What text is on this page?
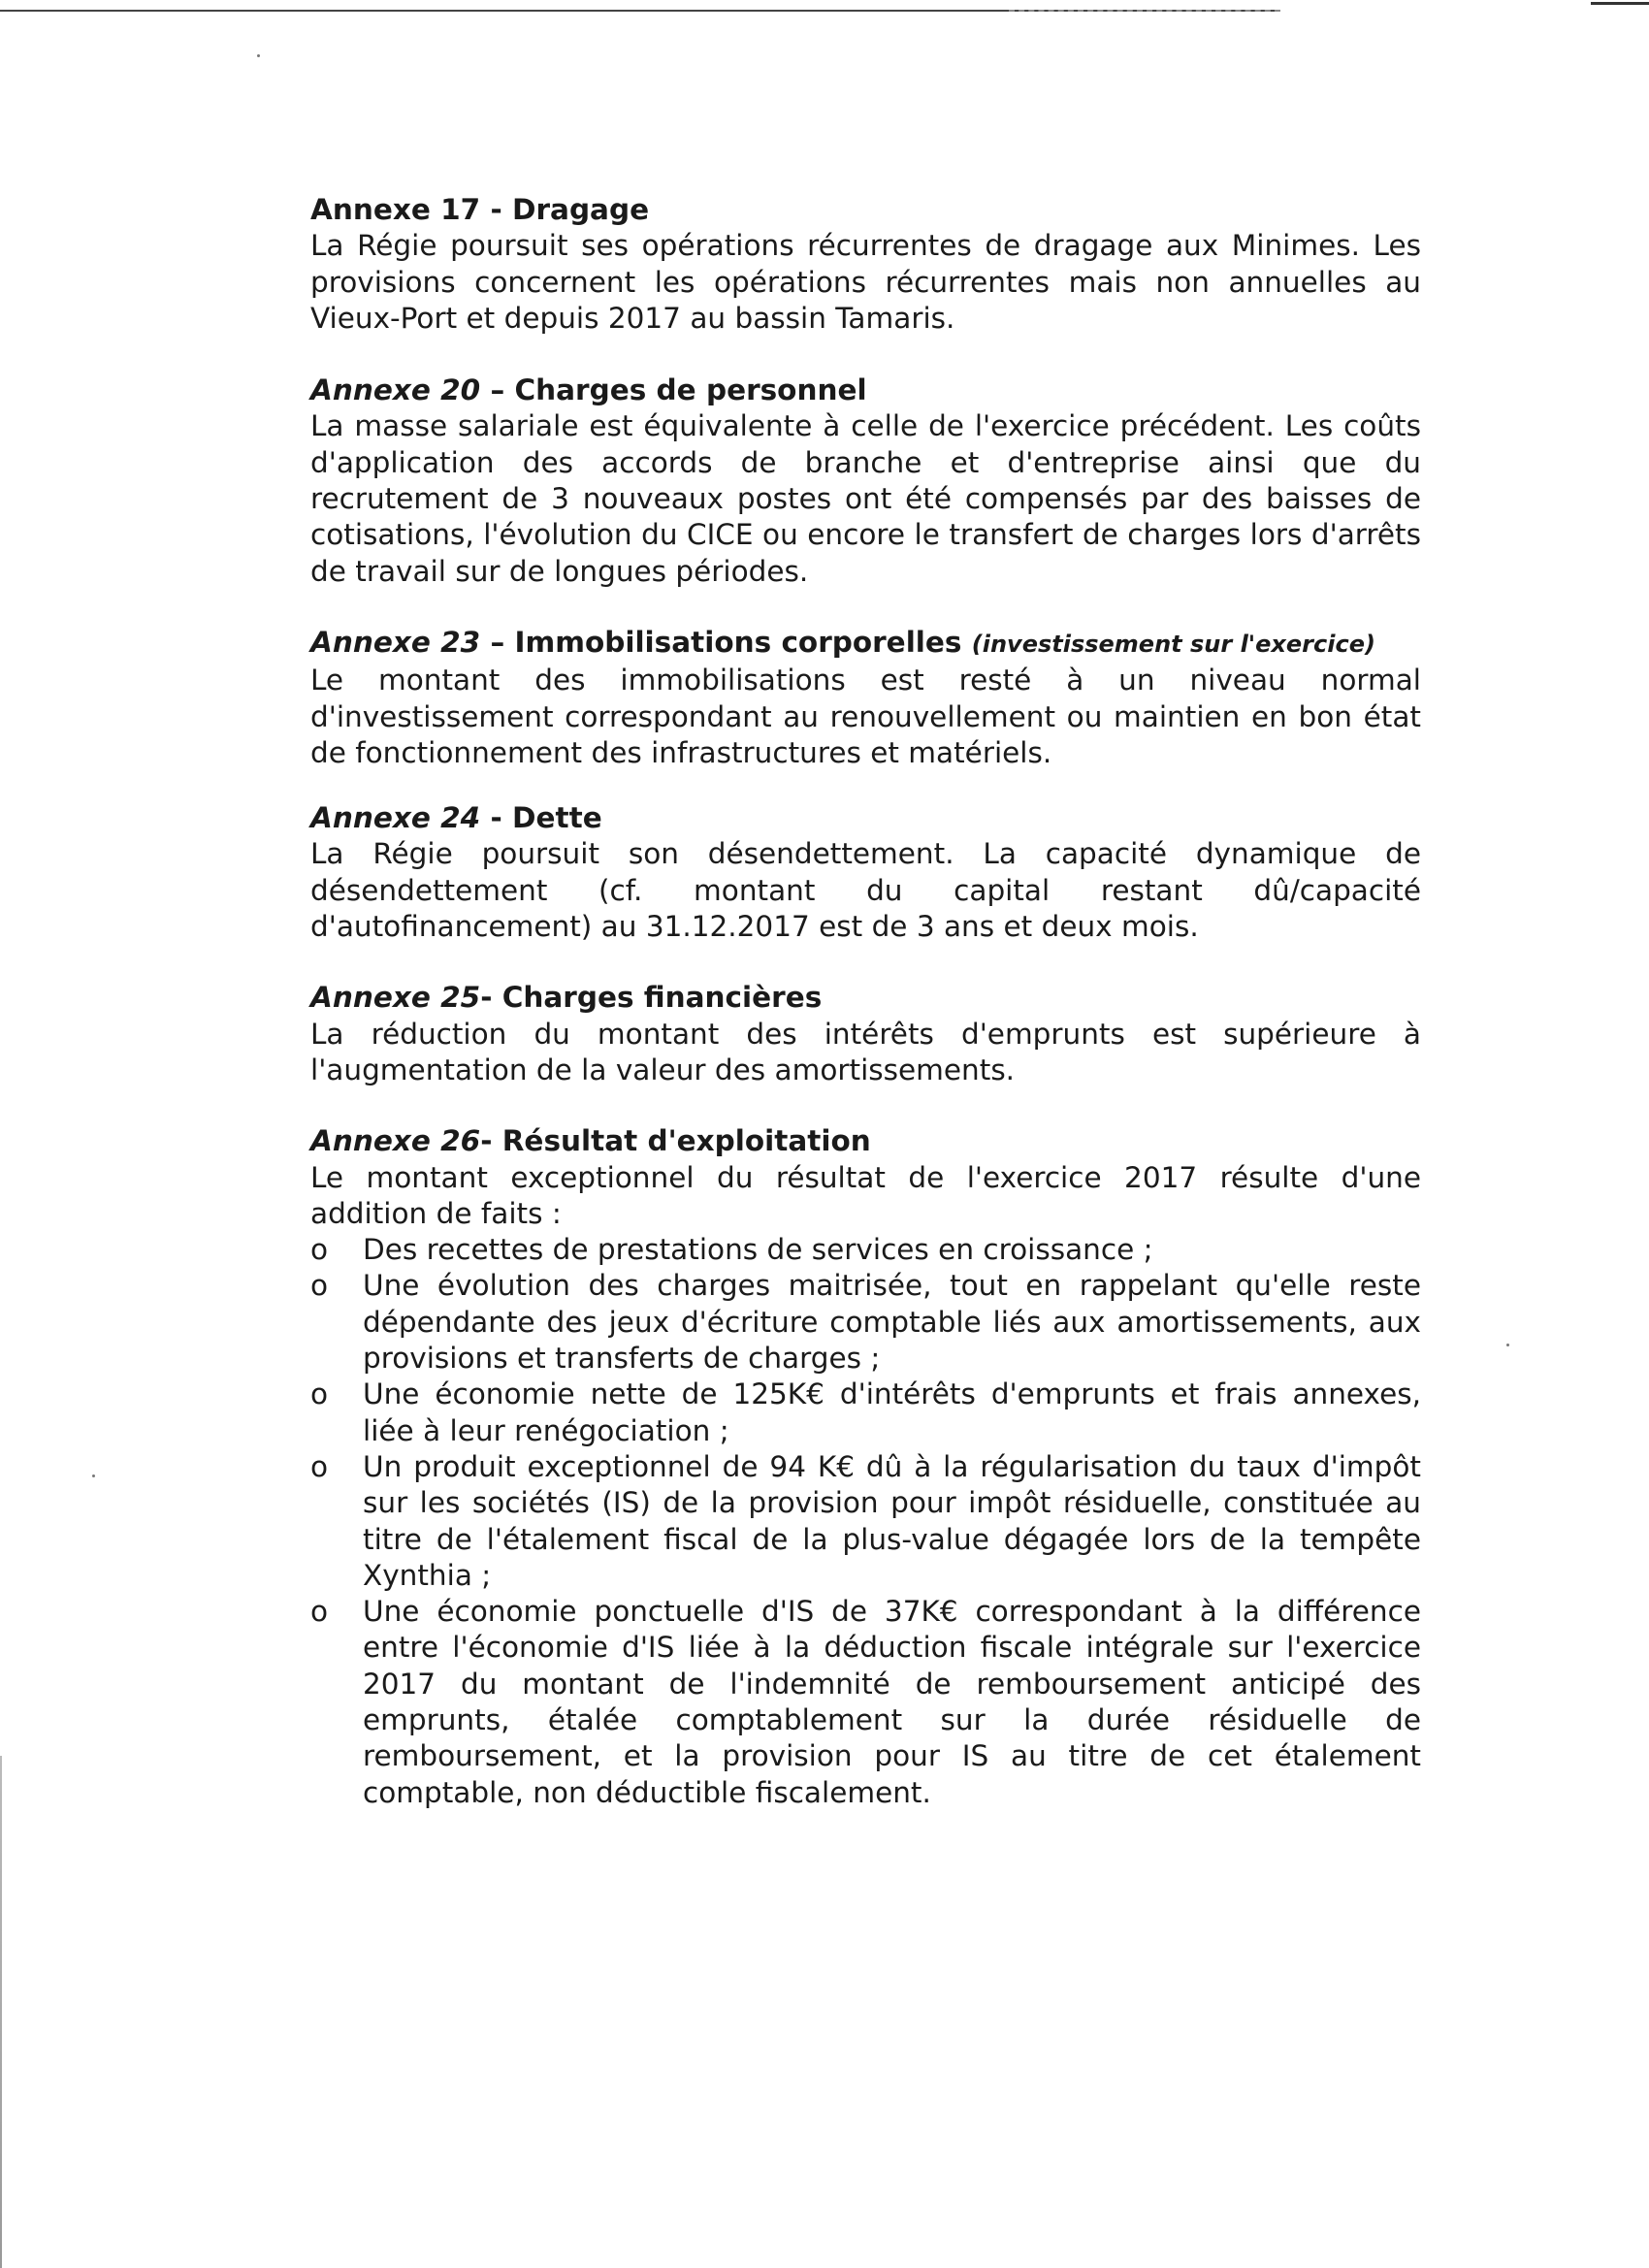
Annexe 17 - Dragage
La Régie poursuit ses opérations récurrentes de dragage aux Minimes. Les provisions concernent les opérations récurrentes mais non annuelles au Vieux-Port et depuis 2017 au bassin Tamaris.
Annexe 20 – Charges de personnel
La masse salariale est équivalente à celle de l'exercice précédent. Les coûts d'application des accords de branche et d'entreprise ainsi que du recrutement de 3 nouveaux postes ont été compensés par des baisses de cotisations, l'évolution du CICE ou encore le transfert de charges lors d'arrêts de travail sur de longues périodes.
Annexe 23 – Immobilisations corporelles (investissement sur l'exercice)
Le montant des immobilisations est resté à un niveau normal d'investissement correspondant au renouvellement ou maintien en bon état de fonctionnement des infrastructures et matériels.
Annexe 24 - Dette
La Régie poursuit son désendettement. La capacité dynamique de désendettement (cf. montant du capital restant dû/capacité d'autofinancement) au 31.12.2017 est de 3 ans et deux mois.
Annexe 25- Charges financières
La réduction du montant des intérêts d'emprunts est supérieure à l'augmentation de la valeur des amortissements.
Annexe 26- Résultat d'exploitation
Le montant exceptionnel du résultat de l'exercice 2017 résulte d'une addition de faits :
o Des recettes de prestations de services en croissance ;
o Une évolution des charges maitrisée, tout en rappelant qu'elle reste dépendante des jeux d'écriture comptable liés aux amortissements, aux provisions et transferts de charges ;
o Une économie nette de 125K€ d'intérêts d'emprunts et frais annexes, liée à leur renégociation ;
o Un produit exceptionnel de 94 K€ dû à la régularisation du taux d'impôt sur les sociétés (IS) de la provision pour impôt résiduelle, constituée au titre de l'étalement fiscal de la plus-value dégagée lors de la tempête Xynthia ;
o Une économie ponctuelle d'IS de 37K€ correspondant à la différence entre l'économie d'IS liée à la déduction fiscale intégrale sur l'exercice 2017 du montant de l'indemnité de remboursement anticipé des emprunts, étalée comptablement sur la durée résiduelle de remboursement, et la provision pour IS au titre de cet étalement comptable, non déductible fiscalement.
